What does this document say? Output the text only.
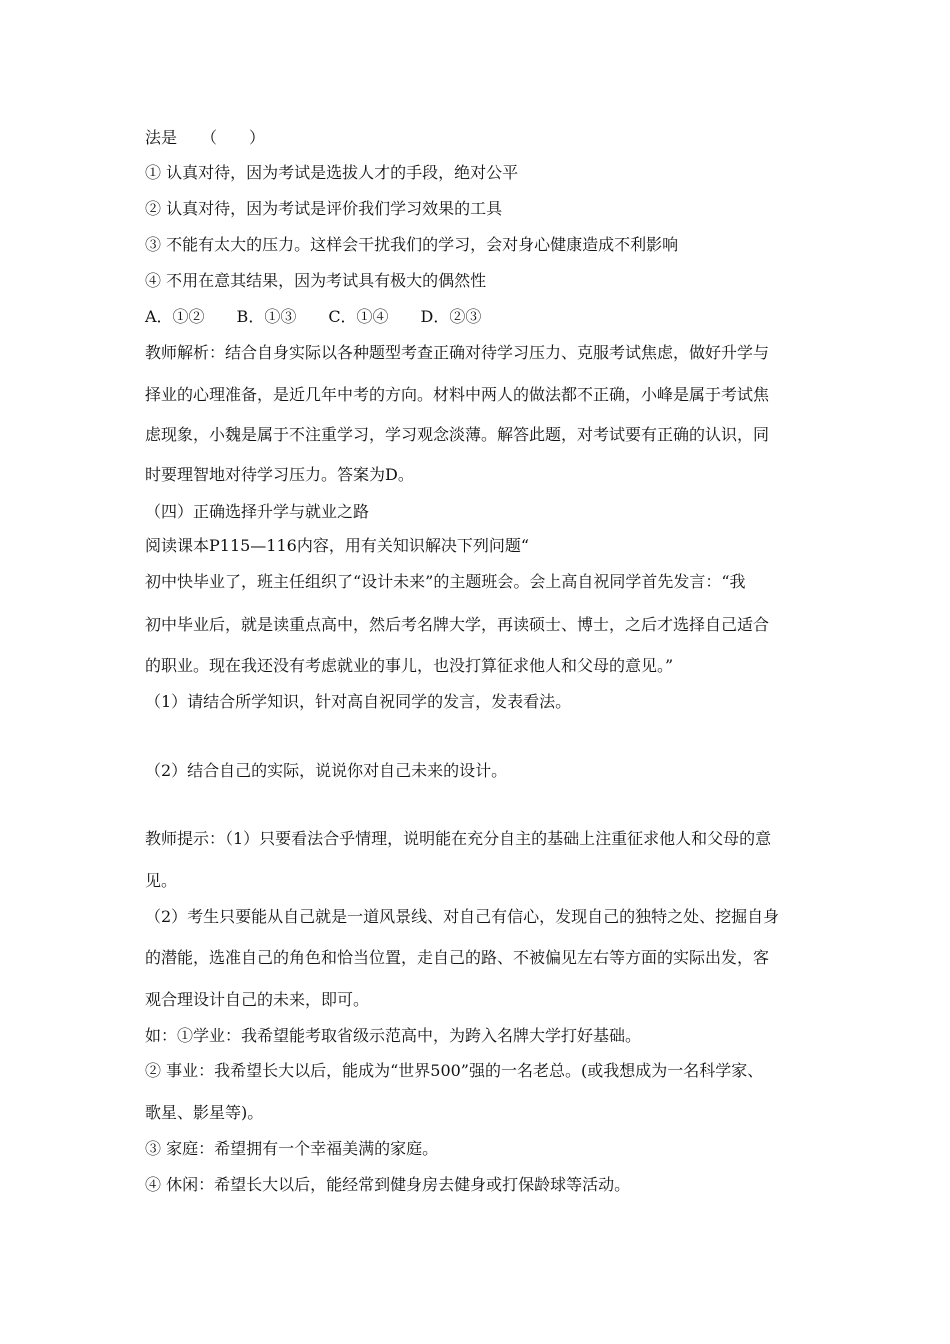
法是　　（　　）
① 认真对待，因为考试是选拔人才的手段，绝对公平
② 认真对待，因为考试是评价我们学习效果的工具
③ 不能有太大的压力。这样会干扰我们的学习，会对身心健康造成不利影响
④ 不用在意其结果，因为考试具有极大的偶然性
A．①②　　B．①③　　C．①④　　D．②③
教师解析：结合自身实际以各种题型考查正确对待学习压力、克服考试焦虑，做好升学与
择业的心理准备，是近几年中考的方向。材料中两人的做法都不正确，小峰是属于考试焦
虑现象，小魏是属于不注重学习，学习观念淡薄。解答此题，对考试要有正确的认识，同
时要理智地对待学习压力。答案为D。
（四）正确选择升学与就业之路
阅读课本P115—116内容，用有关知识解决下列问题“
初中快毕业了，班主任组织了“设计未来”的主题班会。会上高自祝同学首先发言：“我
初中毕业后，就是读重点高中，然后考名牌大学，再读硕士、博士，之后才选择自己适合
的职业。现在我还没有考虑就业的事儿，也没打算征求他人和父母的意见。”
（1）请结合所学知识，针对高自祝同学的发言，发表看法。
（2）结合自己的实际，说说你对自己未来的设计。
教师提示：（1）只要看法合乎情理，说明能在充分自主的基础上注重征求他人和父母的意
见。
（2）考生只要能从自己就是一道风景线、对自己有信心，发现自己的独特之处、挖掘自身
的潜能，选准自己的角色和恰当位置，走自己的路、不被偏见左右等方面的实际出发，客
观合理设计自己的未来，即可。
如：①学业：我希望能考取省级示范高中，为跨入名牌大学打好基础。
② 事业：我希望长大以后，能成为“世界500”强的一名老总。(或我想成为一名科学家、
歌星、影星等)。
③ 家庭：希望拥有一个幸福美满的家庭。
④ 休闲：希望长大以后，能经常到健身房去健身或打保龄球等活动。
